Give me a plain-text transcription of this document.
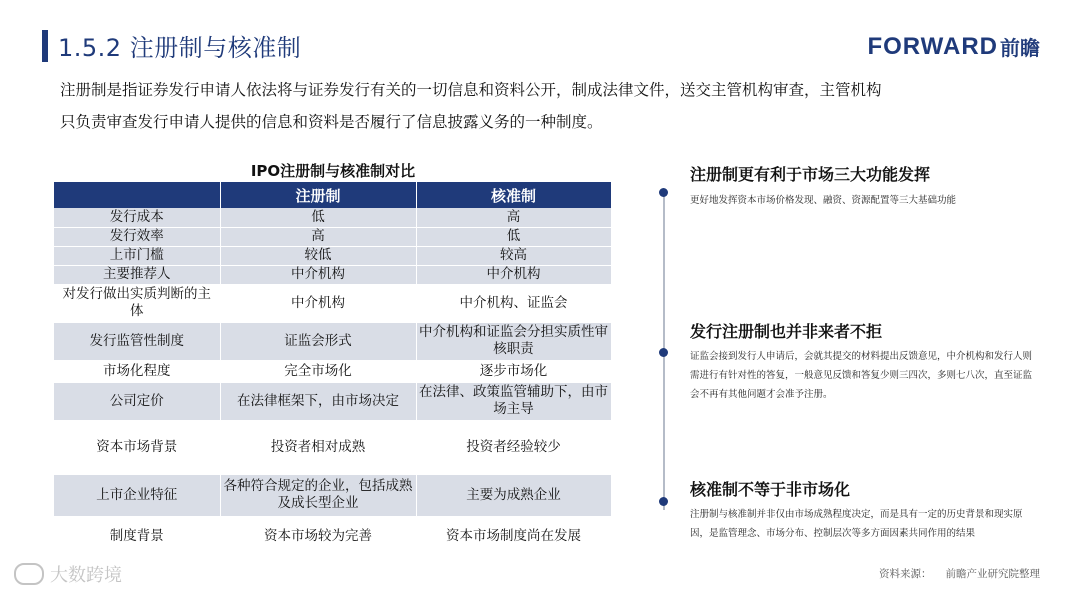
1.5.2 注册制与核准制	FORWARD 前瞻
注册制是指证券发行申请人依法将与证券发行有关的一切信息和资料公开，制成法律文件，送交主管机构审查，主管机构
只负责审查发行申请人提供的信息和资料是否履行了信息披露义务的一种制度。
IPO注册制与核准制对比
	注册制	核准制
发行成本	低	高
发行效率	高	低
上市门槛	较低	较高
主要推荐人	中介机构	中介机构
对发行做出实质判断的主体	中介机构	中介机构、证监会
发行监管性制度	证监会形式	中介机构和证监会分担实质性审核职责
市场化程度	完全市场化	逐步市场化
公司定价	在法律框架下，由市场决定	在法律、政策监管辅助下，由市场主导
资本市场背景	投资者相对成熟	投资者经验较少
上市企业特征	各种符合规定的企业，包括成熟及成长型企业	主要为成熟企业
制度背景	资本市场较为完善	资本市场制度尚在发展
注册制更有利于市场三大功能发挥
更好地发挥资本市场价格发现、融资、资源配置等三大基础功能
发行注册制也并非来者不拒
证监会接到发行人申请后，会就其提交的材料提出反馈意见，中介机构和发行人则需进行有针对性的答复，一般意见反馈和答复少则三四次，多则七八次，直至证监会不再有其他问题才会准予注册。
核准制不等于非市场化
注册制与核准制并非仅由市场成熟程度决定，而是具有一定的历史背景和现实原因，是监管理念、市场分布、控制层次等多方面因素共同作用的结果
资料来源： 前瞻产业研究院整理
大数跨境
